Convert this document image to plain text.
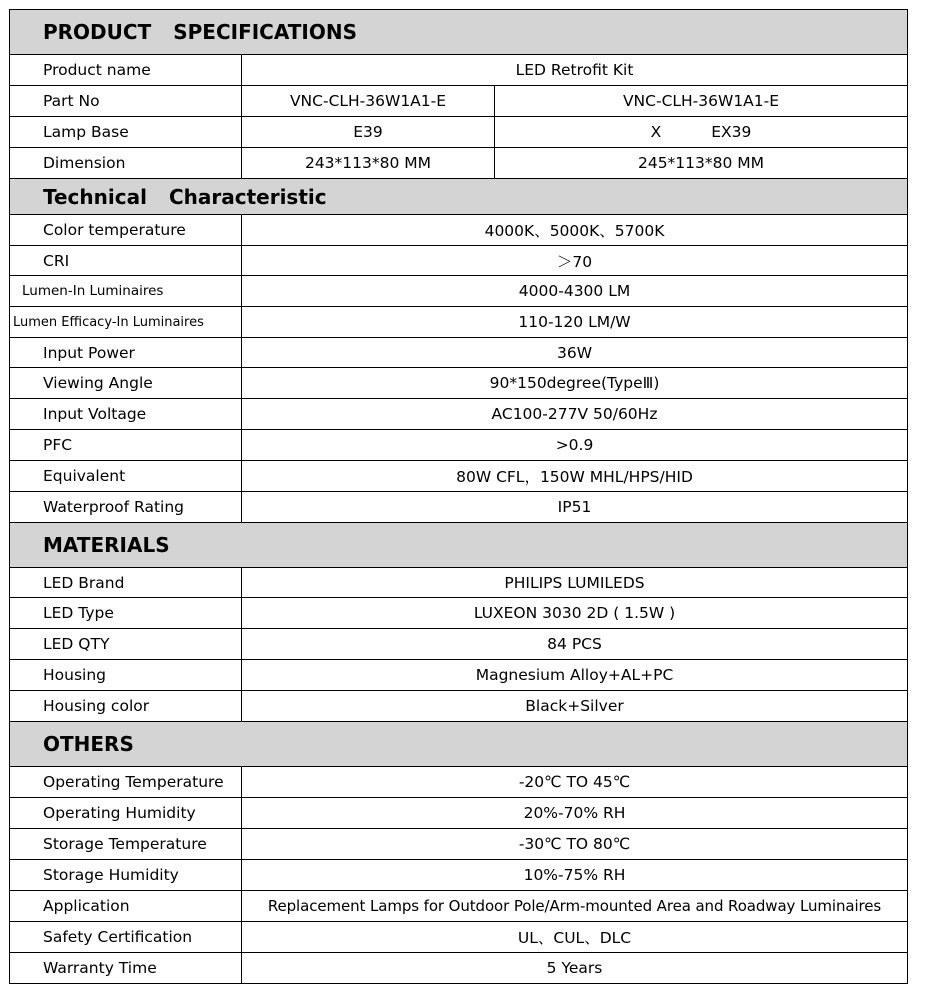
PRODUCT SPECIFICATIONS		
Product name	LED Retrofit Kit	
Part No	VNC-CLH-36W1A1-E	VNC-CLH-36W1A1-E
Lamp Base	E39	X EX39
Dimension	243*113*80 MM	245*113*80 MM
Technical Characteristic		
Color temperature	4000K、5000K、5700K	
CRI	＞70	
Lumen-In Luminaires	4000-4300 LM	
Lumen Efficacy-In Luminaires	110-120 LM/W	
Input Power	36W	
Viewing Angle	90*150degree(TypeⅢ)	
Input Voltage	AC100-277V 50/60Hz	
PFC	>0.9	
Equivalent	80W CFL，150W MHL/HPS/HID	
Waterproof Rating	IP51	
MATERIALS		
LED Brand	PHILIPS LUMILEDS	
LED Type	LUXEON 3030 2D ( 1.5W )	
LED QTY	84 PCS	
Housing	Magnesium Alloy+AL+PC	
Housing color	Black+Silver	
OTHERS		
Operating Temperature	-20℃ TO 45℃	
Operating Humidity	20%-70% RH	
Storage Temperature	-30℃ TO 80℃	
Storage Humidity	10%-75% RH	
Application	Replacement Lamps for Outdoor Pole/Arm-mounted Area and Roadway Luminaires	
Safety Certification	UL、CUL、DLC	
Warranty Time	5 Years	
